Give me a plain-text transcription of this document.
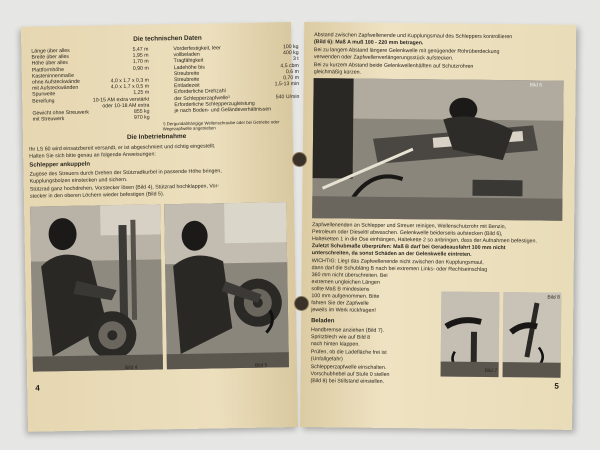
Die technischen Daten
Länge über alles	5,47 m
Breite über alles	1,95 m
Höhe über alles	1,70 m
Plattformhöhe	0,90 m
Kasteninnenmaße	
ohne Aufsteckwände	4,0 x 1,7 x 0,3 m
mit Aufsteckwänden	4,0 x 1,7 x 0,5 m
Spurweite	1,25 m
Bereifung	10-15 AM extra verstärkt
	oder 10-18 AM extra
Gewicht ohne Streuwerk	855 kg
mit Streuwerk	970 kg
Vorderfestigkeit, leer	100 kg
vollbeladen	400 kg
Tragfähigkeit	3 t
Ladehöhe bis	4,5 cbm
Streubreite	0,6 m
Streubreite	0,70 m
Entladezeit	1,5-13 min
Erforderliche Drehzahl	
der Schlepperzapfwelle¹	540 U/min
Erforderliche Schlepperzugleistung	
je nach Boden- und Geländeverhältnissen	
¹) Dergundabhängige Wellenschraube oder bei Getriebe oder Wegezapfwelle angetrieben
Die Inbetriebnahme
Ihr LS 60 wird einsatzbereit versandt, er ist abgeschmiert und richtig eingestellt.
Halten Sie sich bitte genau an folgende Anweisungen:
Schlepper ankuppeln
Zugöse des Streuers durch Drehen der Stützradkurbel in passende Höhe bringen,
Kupplungsbolzen einstecken und sichern.
Stützrad ganz hochdrehen, Vorstecker lösen (Bild 4), Stützrad hochklappen, Vor-
stecker in den oberen Löchern wieder befestigen (Bild 5).
Bild 4	Bild 5
4
Abstand zwischen Zapfwellenende und Kupplungsmaul des Schleppers kontrollieren
(Bild 6): Maß A muß 100 - 220 mm betragen.
Bei zu langem Abstand längere Gelenkwelle mit genügender Rohrüberdeckung
verwenden oder Zapfwellenverlängerungsstück aufstecken.
Bei zu kurzem Abstand beide Gelenkwellenhälften auf Schutzrohren
gleichmäßig kürzen.
Bild 6
Zapfwellenenden an Schlepper und Streuer reinigen, Wellenschutzrohr mit Benzin,
Petroleum oder Dieselöl abwaschen. Gelenkwelle beiderseits aufstecken (Bild 6),
Halteketten 1 in die Öse einhängen, Haltekette 2 so anbringen, dass der Aufnahmen befestigen.
Zuletzt Schubmaße überprüfen: Maß B darf bei Geradeausfahrt 100 mm nicht
unterschreiten, da sonst Schäden an der Gelenkwelle eintreten.
WICHTIG: Liegt das Zapfwellenende nicht zwischen den Kupplungsmaul,
dann darf die Schubläng B nach bei extremen Links- oder Rechtseinschlag
360 mm nicht überschreiten. Bei
extremen ungleichen Längen
sollte Maß B mindestens
100 mm aufgenommen. Bitte
fahren Sie der Zapfwelle
jeweils im Werk rückfragen!
Beladen
Handbremse anziehen (Bild 7).
Spritzblech wie auf Bild 8
nach hinten klappen.
Prüfen, ob die Ladefläche frei ist
(Unfallgefahr)
Schlepperzapfwelle einschalten.
Vorschubhebel auf Stufe 0 stellen
(Bild 8) bei Stillstand einstellen.
Bild 7
Bild 8
5
